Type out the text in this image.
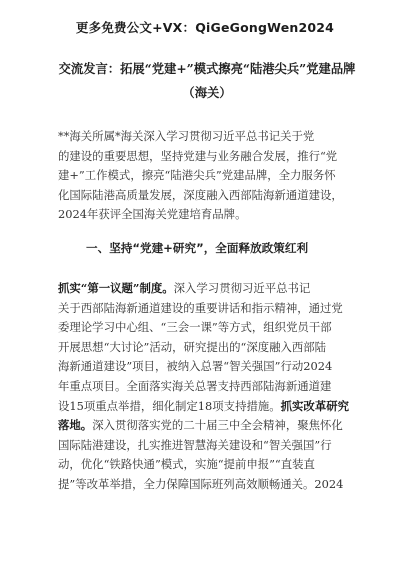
更多免费公文+VX：QiGeGongWen2024
交流发言：拓展“党建+”模式擦亮“陆港尖兵”党建品牌
（海关）
**海关所属*海关深入学习贯彻习近平总书记关于党
的建设的重要思想，坚持党建与业务融合发展，推行“党
建+”工作模式，擦亮“陆港尖兵”党建品牌，全力服务怀
化国际陆港高质量发展，深度融入西部陆海新通道建设，
2024年获评全国海关党建培育品牌。
一、坚持“党建+研究”，全面释放政策红利
抓实“第一议题”制度。深入学习贯彻习近平总书记
关于西部陆海新通道建设的重要讲话和指示精神，通过党
委理论学习中心组、“三会一课”等方式，组织党员干部
开展思想“大讨论”活动，研究提出的“深度融入西部陆
海新通道建设”项目，被纳入总署“智关强国”行动2024
年重点项目。全面落实海关总署支持西部陆海新通道建
设15项重点举措，细化制定18项支持措施。抓实改革研究
落地。深入贯彻落实党的二十届三中全会精神，聚焦怀化
国际陆港建设，扎实推进智慧海关建设和“智关强国”行
动，优化“铁路快通”模式，实施“提前申报”“直装直
提”等改革举措，全力保障国际班列高效顺畅通关。2024
